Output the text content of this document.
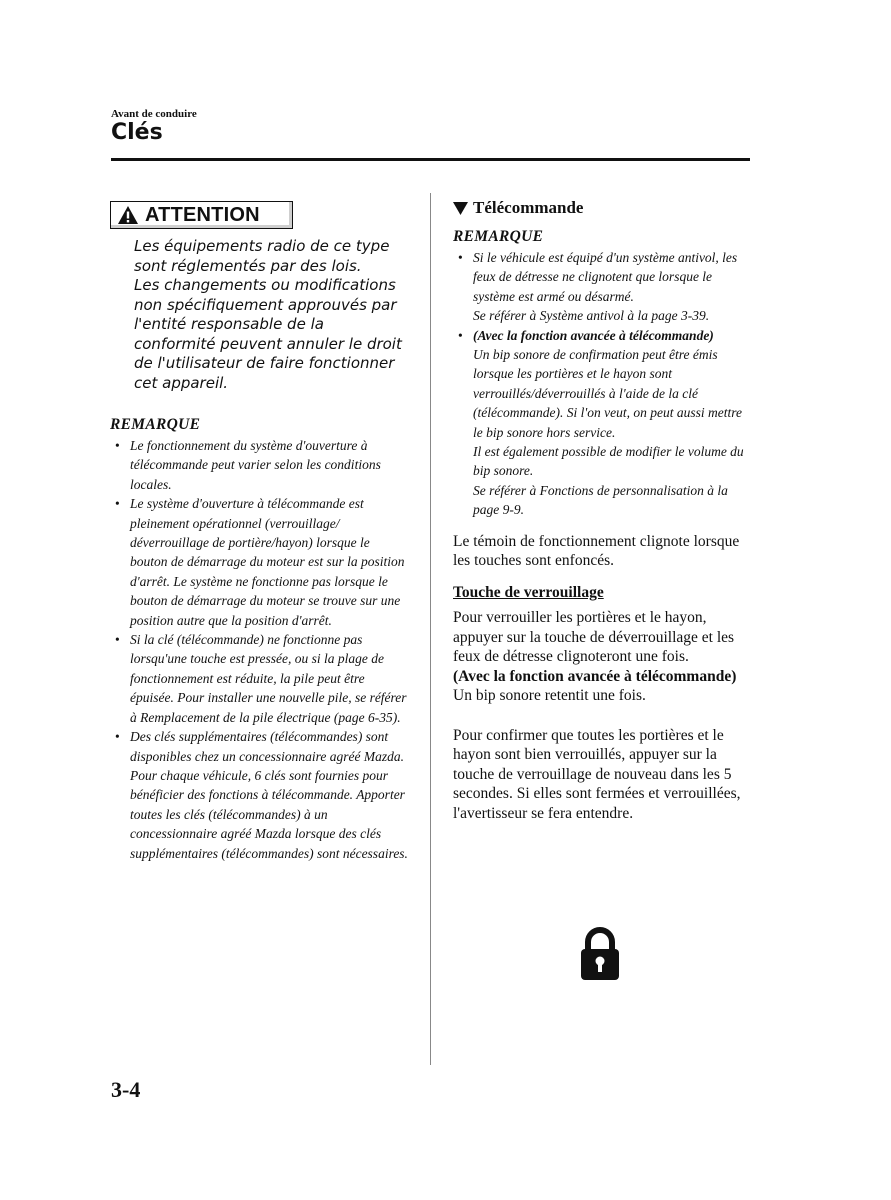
Avant de conduire
Clés
ATTENTION
Les équipements radio de ce type sont réglementés par des lois.
Les changements ou modifications non spécifiquement approuvés par l'entité responsable de la conformité peuvent annuler le droit de l'utilisateur de faire fonctionner cet appareil.

REMARQUE

• Le fonctionnement du système d'ouverture à télécommande peut varier selon les conditions locales.
• Le système d'ouverture à télécommande est pleinement opérationnel (verrouillage/ déverrouillage de portière/hayon) lorsque le bouton de démarrage du moteur est sur la position d'arrêt. Le système ne fonctionne pas lorsque le bouton de démarrage du moteur se trouve sur une position autre que la position d'arrêt.
• Si la clé (télécommande) ne fonctionne pas lorsqu'une touche est pressée, ou si la plage de fonctionnement est réduite, la pile peut être épuisée. Pour installer une nouvelle pile, se référer à Remplacement de la pile électrique (page 6-35).
• Des clés supplémentaires (télécommandes) sont disponibles chez un concessionnaire agréé Mazda. Pour chaque véhicule, 6 clés sont fournies pour bénéficier des fonctions à télécommande. Apporter toutes les clés (télécommandes) à un concessionnaire agréé Mazda lorsque des clés supplémentaires (télécommandes) sont nécessaires.
Télécommande

REMARQUE

• Si le véhicule est équipé d'un système antivol, les feux de détresse ne clignotent que lorsque le système est armé ou désarmé.
Se référer à Système antivol à la page 3-39.
• (Avec la fonction avancée à télécommande)
Un bip sonore de confirmation peut être émis lorsque les portières et le hayon sont verrouillés/déverrouillés à l'aide de la clé (télécommande). Si l'on veut, on peut aussi mettre le bip sonore hors service.
Il est également possible de modifier le volume du bip sonore.
Se référer à Fonctions de personnalisation à la page 9-9.

Le témoin de fonctionnement clignote lorsque les touches sont enfoncés.

Touche de verrouillage

Pour verrouiller les portières et le hayon, appuyer sur la touche de déverrouillage et les feux de détresse clignoteront une fois.
(Avec la fonction avancée à télécommande)
Un bip sonore retentit une fois.

Pour confirmer que toutes les portières et le hayon sont bien verrouillés, appuyer sur la touche de verrouillage de nouveau dans les 5 secondes. Si elles sont fermées et verrouillées, l'avertisseur se fera entendre.

3-4
